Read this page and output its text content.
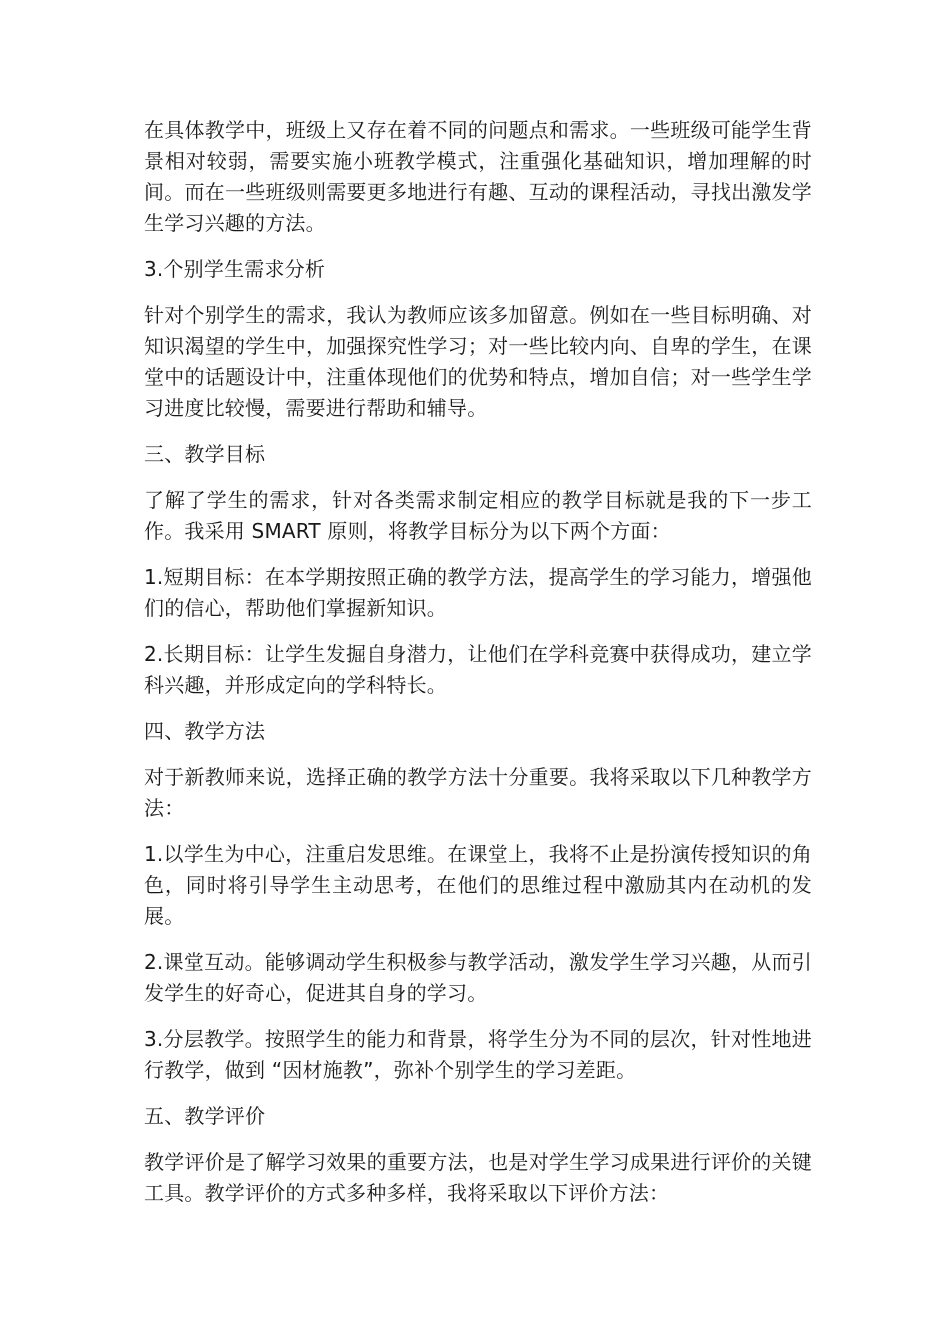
在具体教学中，班级上又存在着不同的问题点和需求。一些班级可能学生背景相对较弱，需要实施小班教学模式，注重强化基础知识，增加理解的时间。而在一些班级则需要更多地进行有趣、互动的课程活动，寻找出激发学生学习兴趣的方法。

3.个别学生需求分析

针对个别学生的需求，我认为教师应该多加留意。例如在一些目标明确、对知识渴望的学生中，加强探究性学习；对一些比较内向、自卑的学生，在课堂中的话题设计中，注重体现他们的优势和特点，增加自信；对一些学生学习进度比较慢，需要进行帮助和辅导。

三、教学目标

了解了学生的需求，针对各类需求制定相应的教学目标就是我的下一步工作。我采用 SMART 原则，将教学目标分为以下两个方面：

1.短期目标：在本学期按照正确的教学方法，提高学生的学习能力，增强他们的信心，帮助他们掌握新知识。

2.长期目标：让学生发掘自身潜力，让他们在学科竞赛中获得成功，建立学科兴趣，并形成定向的学科特长。

四、教学方法

对于新教师来说，选择正确的教学方法十分重要。我将采取以下几种教学方法：

1.以学生为中心，注重启发思维。在课堂上，我将不止是扮演传授知识的角色，同时将引导学生主动思考，在他们的思维过程中激励其内在动机的发展。

2.课堂互动。能够调动学生积极参与教学活动，激发学生学习兴趣，从而引发学生的好奇心，促进其自身的学习。

3.分层教学。按照学生的能力和背景，将学生分为不同的层次，针对性地进行教学，做到 “因材施教”，弥补个别学生的学习差距。

五、教学评价

教学评价是了解学习效果的重要方法，也是对学生学习成果进行评价的关键工具。教学评价的方式多种多样，我将采取以下评价方法：
